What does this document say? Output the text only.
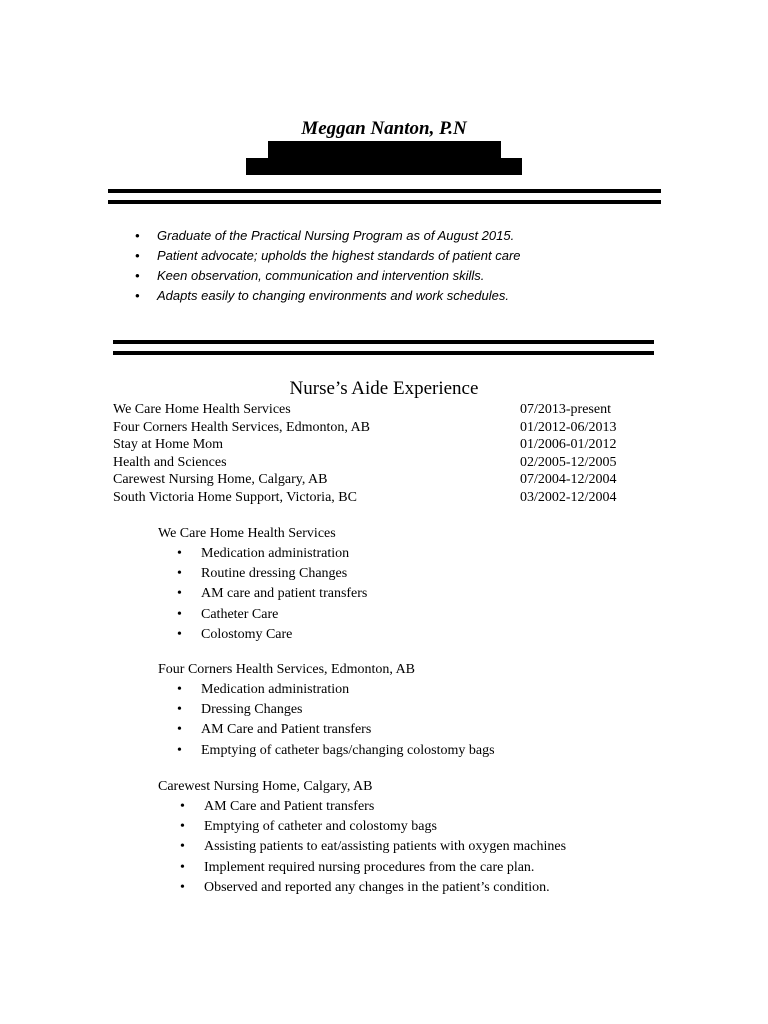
Meggan Nanton, P.N
• Graduate of the Practical Nursing Program as of August 2015.
• Patient advocate; upholds the highest standards of patient care
• Keen observation, communication and intervention skills.
• Adapts easily to changing environments and work schedules.
Nurse’s Aide Experience
We Care Home Health Services	07/2013-present
Four Corners Health Services, Edmonton, AB	01/2012-06/2013
Stay at Home Mom	01/2006-01/2012
Health and Sciences	02/2005-12/2005
Carewest Nursing Home, Calgary, AB	07/2004-12/2004
South Victoria Home Support, Victoria, BC	03/2002-12/2004
We Care Home Health Services
• Medication administration
• Routine dressing Changes
• AM care and patient transfers
• Catheter Care
• Colostomy Care
Four Corners Health Services, Edmonton, AB
• Medication administration
• Dressing Changes
• AM Care and Patient transfers
• Emptying of catheter bags/changing colostomy bags
Carewest Nursing Home, Calgary, AB
• AM Care and Patient transfers
• Emptying of catheter and colostomy bags
• Assisting patients to eat/assisting patients with oxygen machines
• Implement required nursing procedures from the care plan.
• Observed and reported any changes in the patient’s condition.
